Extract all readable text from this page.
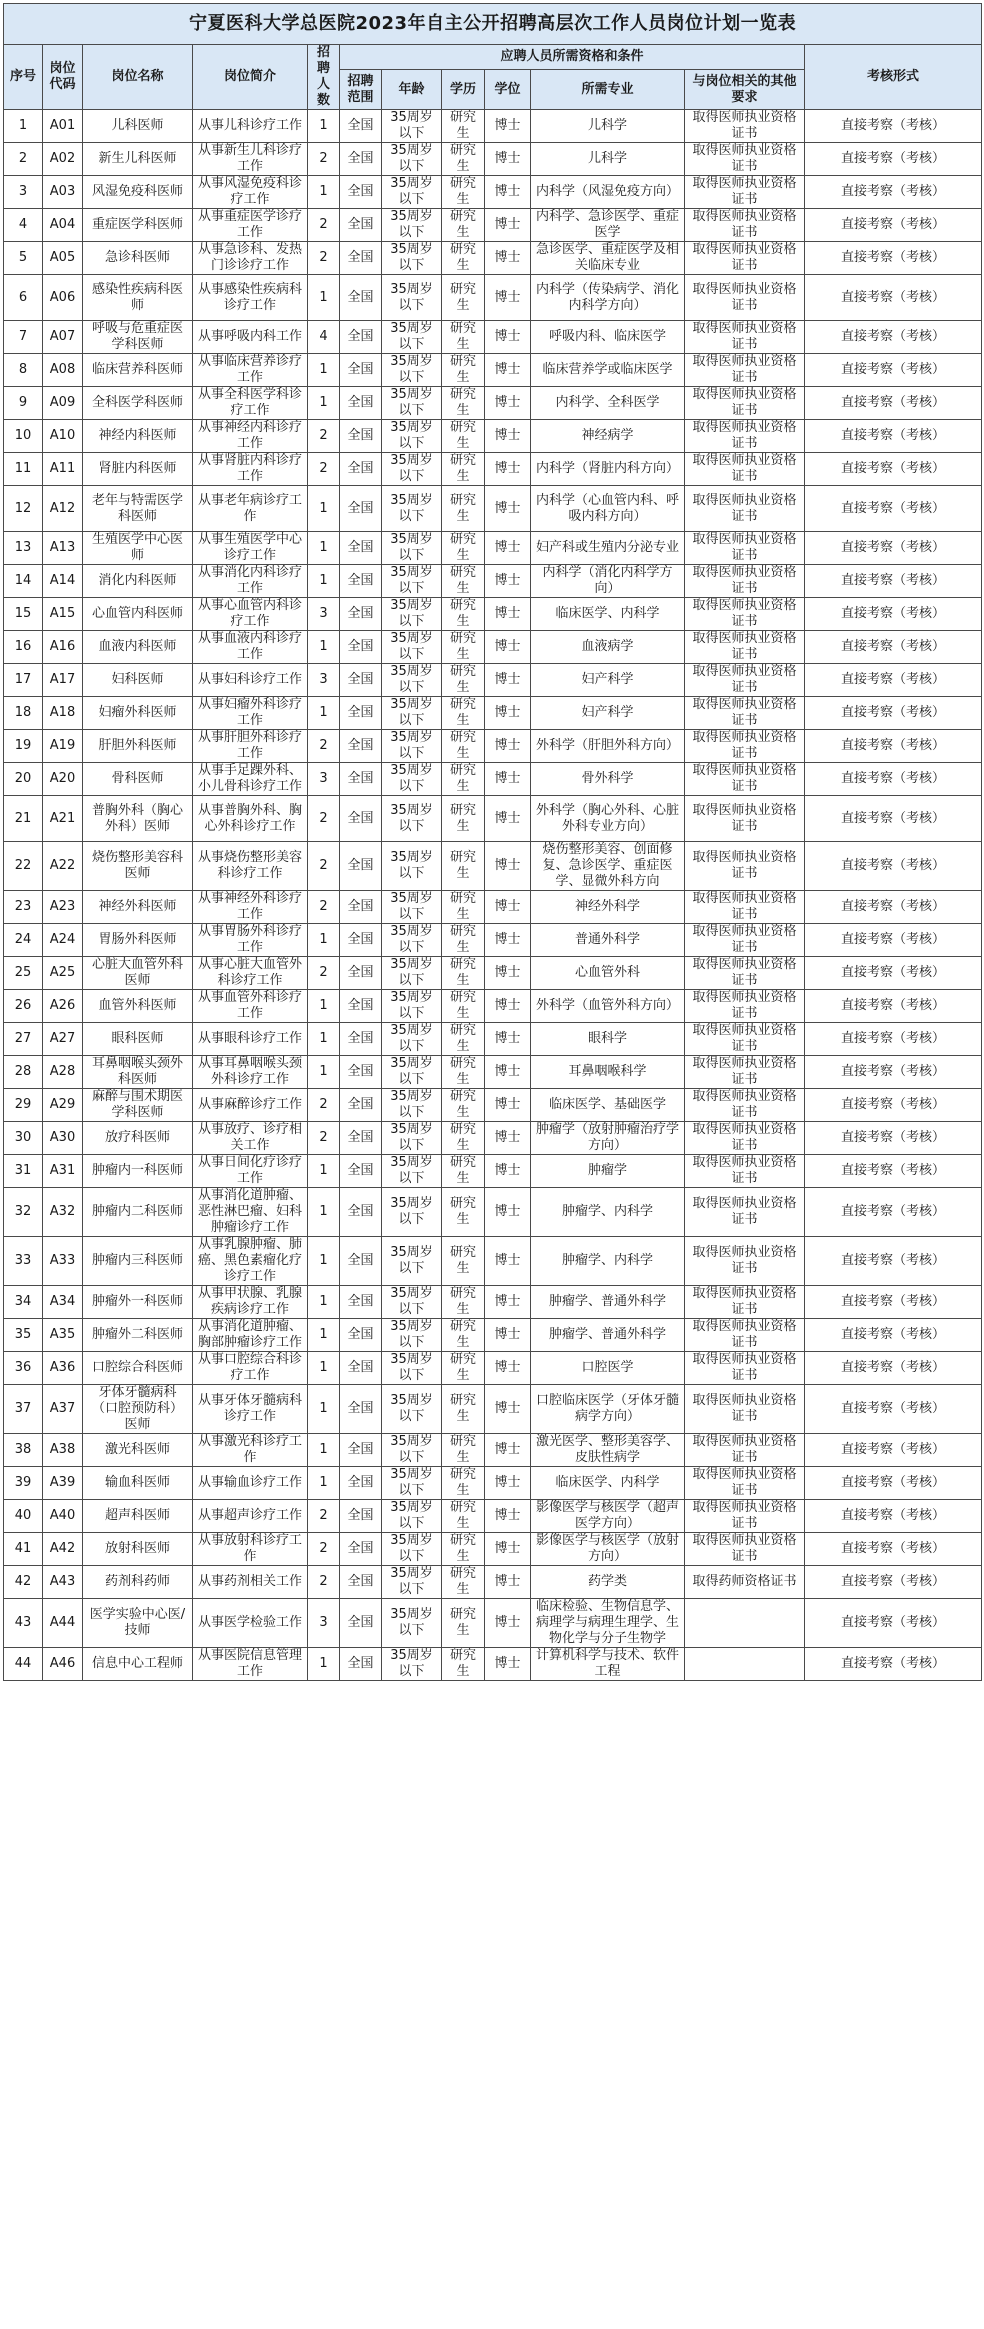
宁夏医科大学总医院2023年自主公开招聘高层次工作人员岗位计划一览表											
序号	岗位代码	岗位名称	岗位简介	招聘人数	应聘人员所需资格和条件						考核形式
					招聘范围	年龄	学历	学位	所需专业	与岗位相关的其他要求	
1	A01	儿科医师	从事儿科诊疗工作	1	全国	35周岁以下	研究生	博士	儿科学	取得医师执业资格证书	直接考察（考核）
2	A02	新生儿科医师	从事新生儿科诊疗工作	2	全国	35周岁以下	研究生	博士	儿科学	取得医师执业资格证书	直接考察（考核）
3	A03	风湿免疫科医师	从事风湿免疫科诊疗工作	1	全国	35周岁以下	研究生	博士	内科学（风湿免疫方向）	取得医师执业资格证书	直接考察（考核）
4	A04	重症医学科医师	从事重症医学诊疗工作	2	全国	35周岁以下	研究生	博士	内科学、急诊医学、重症医学	取得医师执业资格证书	直接考察（考核）
5	A05	急诊科医师	从事急诊科、发热门诊诊疗工作	2	全国	35周岁以下	研究生	博士	急诊医学、重症医学及相关临床专业	取得医师执业资格证书	直接考察（考核）
6	A06	感染性疾病科医师	从事感染性疾病科诊疗工作	1	全国	35周岁以下	研究生	博士	内科学（传染病学、消化内科学方向）	取得医师执业资格证书	直接考察（考核）
7	A07	呼吸与危重症医学科医师	从事呼吸内科工作	4	全国	35周岁以下	研究生	博士	呼吸内科、临床医学	取得医师执业资格证书	直接考察（考核）
8	A08	临床营养科医师	从事临床营养诊疗工作	1	全国	35周岁以下	研究生	博士	临床营养学或临床医学	取得医师执业资格证书	直接考察（考核）
9	A09	全科医学科医师	从事全科医学科诊疗工作	1	全国	35周岁以下	研究生	博士	内科学、全科医学	取得医师执业资格证书	直接考察（考核）
10	A10	神经内科医师	从事神经内科诊疗工作	2	全国	35周岁以下	研究生	博士	神经病学	取得医师执业资格证书	直接考察（考核）
11	A11	肾脏内科医师	从事肾脏内科诊疗工作	2	全国	35周岁以下	研究生	博士	内科学（肾脏内科方向）	取得医师执业资格证书	直接考察（考核）
12	A12	老年与特需医学科医师	从事老年病诊疗工作	1	全国	35周岁以下	研究生	博士	内科学（心血管内科、呼吸内科方向）	取得医师执业资格证书	直接考察（考核）
13	A13	生殖医学中心医师	从事生殖医学中心诊疗工作	1	全国	35周岁以下	研究生	博士	妇产科或生殖内分泌专业	取得医师执业资格证书	直接考察（考核）
14	A14	消化内科医师	从事消化内科诊疗工作	1	全国	35周岁以下	研究生	博士	内科学（消化内科学方向）	取得医师执业资格证书	直接考察（考核）
15	A15	心血管内科医师	从事心血管内科诊疗工作	3	全国	35周岁以下	研究生	博士	临床医学、内科学	取得医师执业资格证书	直接考察（考核）
16	A16	血液内科医师	从事血液内科诊疗工作	1	全国	35周岁以下	研究生	博士	血液病学	取得医师执业资格证书	直接考察（考核）
17	A17	妇科医师	从事妇科诊疗工作	3	全国	35周岁以下	研究生	博士	妇产科学	取得医师执业资格证书	直接考察（考核）
18	A18	妇瘤外科医师	从事妇瘤外科诊疗工作	1	全国	35周岁以下	研究生	博士	妇产科学	取得医师执业资格证书	直接考察（考核）
19	A19	肝胆外科医师	从事肝胆外科诊疗工作	2	全国	35周岁以下	研究生	博士	外科学（肝胆外科方向）	取得医师执业资格证书	直接考察（考核）
20	A20	骨科医师	从事手足踝外科、小儿骨科诊疗工作	3	全国	35周岁以下	研究生	博士	骨外科学	取得医师执业资格证书	直接考察（考核）
21	A21	普胸外科（胸心外科）医师	从事普胸外科、胸心外科诊疗工作	2	全国	35周岁以下	研究生	博士	外科学（胸心外科、心脏外科专业方向）	取得医师执业资格证书	直接考察（考核）
22	A22	烧伤整形美容科医师	从事烧伤整形美容科诊疗工作	2	全国	35周岁以下	研究生	博士	烧伤整形美容、创面修复、急诊医学、重症医学、显微外科方向	取得医师执业资格证书	直接考察（考核）
23	A23	神经外科医师	从事神经外科诊疗工作	2	全国	35周岁以下	研究生	博士	神经外科学	取得医师执业资格证书	直接考察（考核）
24	A24	胃肠外科医师	从事胃肠外科诊疗工作	1	全国	35周岁以下	研究生	博士	普通外科学	取得医师执业资格证书	直接考察（考核）
25	A25	心脏大血管外科医师	从事心脏大血管外科诊疗工作	2	全国	35周岁以下	研究生	博士	心血管外科	取得医师执业资格证书	直接考察（考核）
26	A26	血管外科医师	从事血管外科诊疗工作	1	全国	35周岁以下	研究生	博士	外科学（血管外科方向）	取得医师执业资格证书	直接考察（考核）
27	A27	眼科医师	从事眼科诊疗工作	1	全国	35周岁以下	研究生	博士	眼科学	取得医师执业资格证书	直接考察（考核）
28	A28	耳鼻咽喉头颈外科医师	从事耳鼻咽喉头颈外科诊疗工作	1	全国	35周岁以下	研究生	博士	耳鼻咽喉科学	取得医师执业资格证书	直接考察（考核）
29	A29	麻醉与围术期医学科医师	从事麻醉诊疗工作	2	全国	35周岁以下	研究生	博士	临床医学、基础医学	取得医师执业资格证书	直接考察（考核）
30	A30	放疗科医师	从事放疗、诊疗相关工作	2	全国	35周岁以下	研究生	博士	肿瘤学（放射肿瘤治疗学方向）	取得医师执业资格证书	直接考察（考核）
31	A31	肿瘤内一科医师	从事日间化疗诊疗工作	1	全国	35周岁以下	研究生	博士	肿瘤学	取得医师执业资格证书	直接考察（考核）
32	A32	肿瘤内二科医师	从事消化道肿瘤、恶性淋巴瘤、妇科肿瘤诊疗工作	1	全国	35周岁以下	研究生	博士	肿瘤学、内科学	取得医师执业资格证书	直接考察（考核）
33	A33	肿瘤内三科医师	从事乳腺肿瘤、肺癌、黑色素瘤化疗诊疗工作	1	全国	35周岁以下	研究生	博士	肿瘤学、内科学	取得医师执业资格证书	直接考察（考核）
34	A34	肿瘤外一科医师	从事甲状腺、乳腺疾病诊疗工作	1	全国	35周岁以下	研究生	博士	肿瘤学、普通外科学	取得医师执业资格证书	直接考察（考核）
35	A35	肿瘤外二科医师	从事消化道肿瘤、胸部肿瘤诊疗工作	1	全国	35周岁以下	研究生	博士	肿瘤学、普通外科学	取得医师执业资格证书	直接考察（考核）
36	A36	口腔综合科医师	从事口腔综合科诊疗工作	1	全国	35周岁以下	研究生	博士	口腔医学	取得医师执业资格证书	直接考察（考核）
37	A37	牙体牙髓病科（口腔预防科）医师	从事牙体牙髓病科诊疗工作	1	全国	35周岁以下	研究生	博士	口腔临床医学（牙体牙髓病学方向）	取得医师执业资格证书	直接考察（考核）
38	A38	激光科医师	从事激光科诊疗工作	1	全国	35周岁以下	研究生	博士	激光医学、整形美容学、皮肤性病学	取得医师执业资格证书	直接考察（考核）
39	A39	输血科医师	从事输血诊疗工作	1	全国	35周岁以下	研究生	博士	临床医学、内科学	取得医师执业资格证书	直接考察（考核）
40	A40	超声科医师	从事超声诊疗工作	2	全国	35周岁以下	研究生	博士	影像医学与核医学（超声医学方向）	取得医师执业资格证书	直接考察（考核）
41	A42	放射科医师	从事放射科诊疗工作	2	全国	35周岁以下	研究生	博士	影像医学与核医学（放射方向）	取得医师执业资格证书	直接考察（考核）
42	A43	药剂科药师	从事药剂相关工作	2	全国	35周岁以下	研究生	博士	药学类	取得药师资格证书	直接考察（考核）
43	A44	医学实验中心医/技师	从事医学检验工作	3	全国	35周岁以下	研究生	博士	临床检验、生物信息学、病理学与病理生理学、生物化学与分子生物学		直接考察（考核）
44	A46	信息中心工程师	从事医院信息管理工作	1	全国	35周岁以下	研究生	博士	计算机科学与技术、软件工程		直接考察（考核）
